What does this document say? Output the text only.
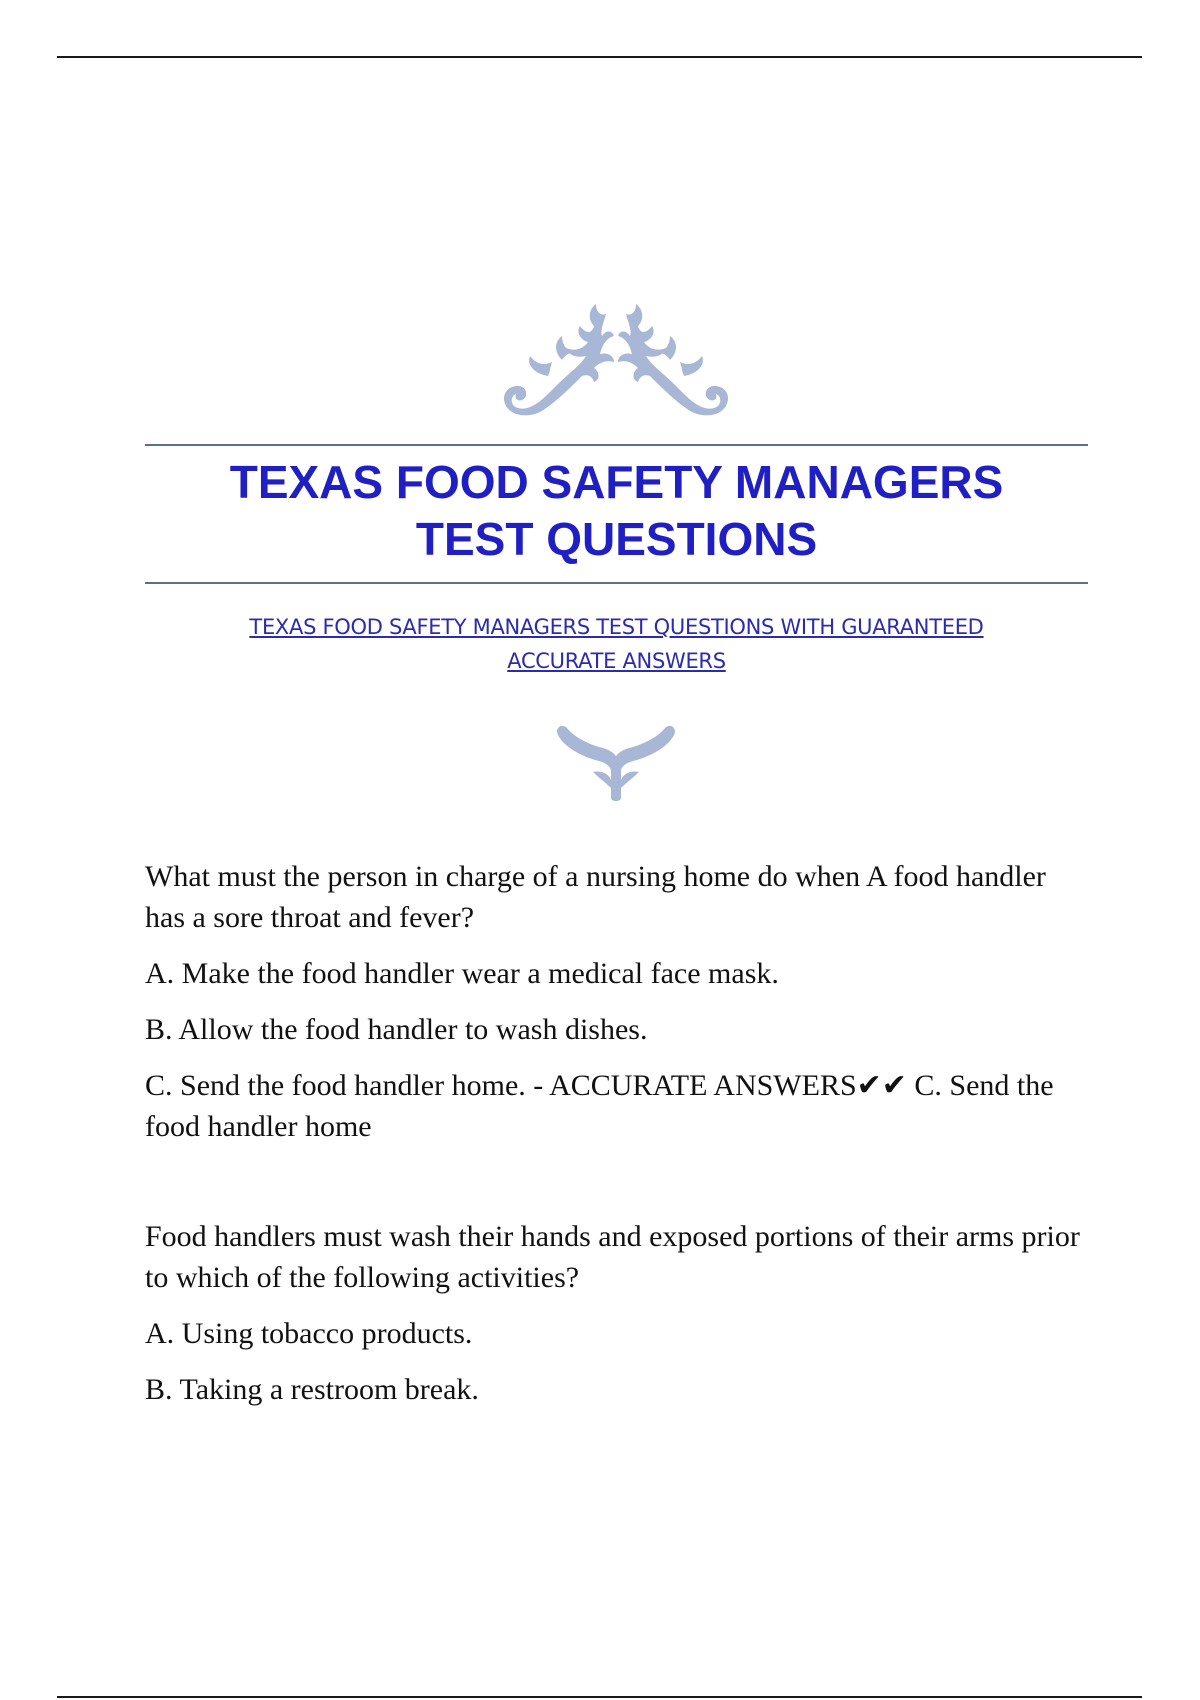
TEXAS FOOD SAFETY MANAGERS
TEST QUESTIONS

TEXAS FOOD SAFETY MANAGERS TEST QUESTIONS WITH GUARANTEED
ACCURATE ANSWERS

What must the person in charge of a nursing home do when A food handler has a sore throat and fever?

A. Make the food handler wear a medical face mask.

B. Allow the food handler to wash dishes.

C. Send the food handler home. - ACCURATE ANSWERS✔✔ C. Send the food handler home

Food handlers must wash their hands and exposed portions of their arms prior to which of the following activities?

A. Using tobacco products.

B. Taking a restroom break.
